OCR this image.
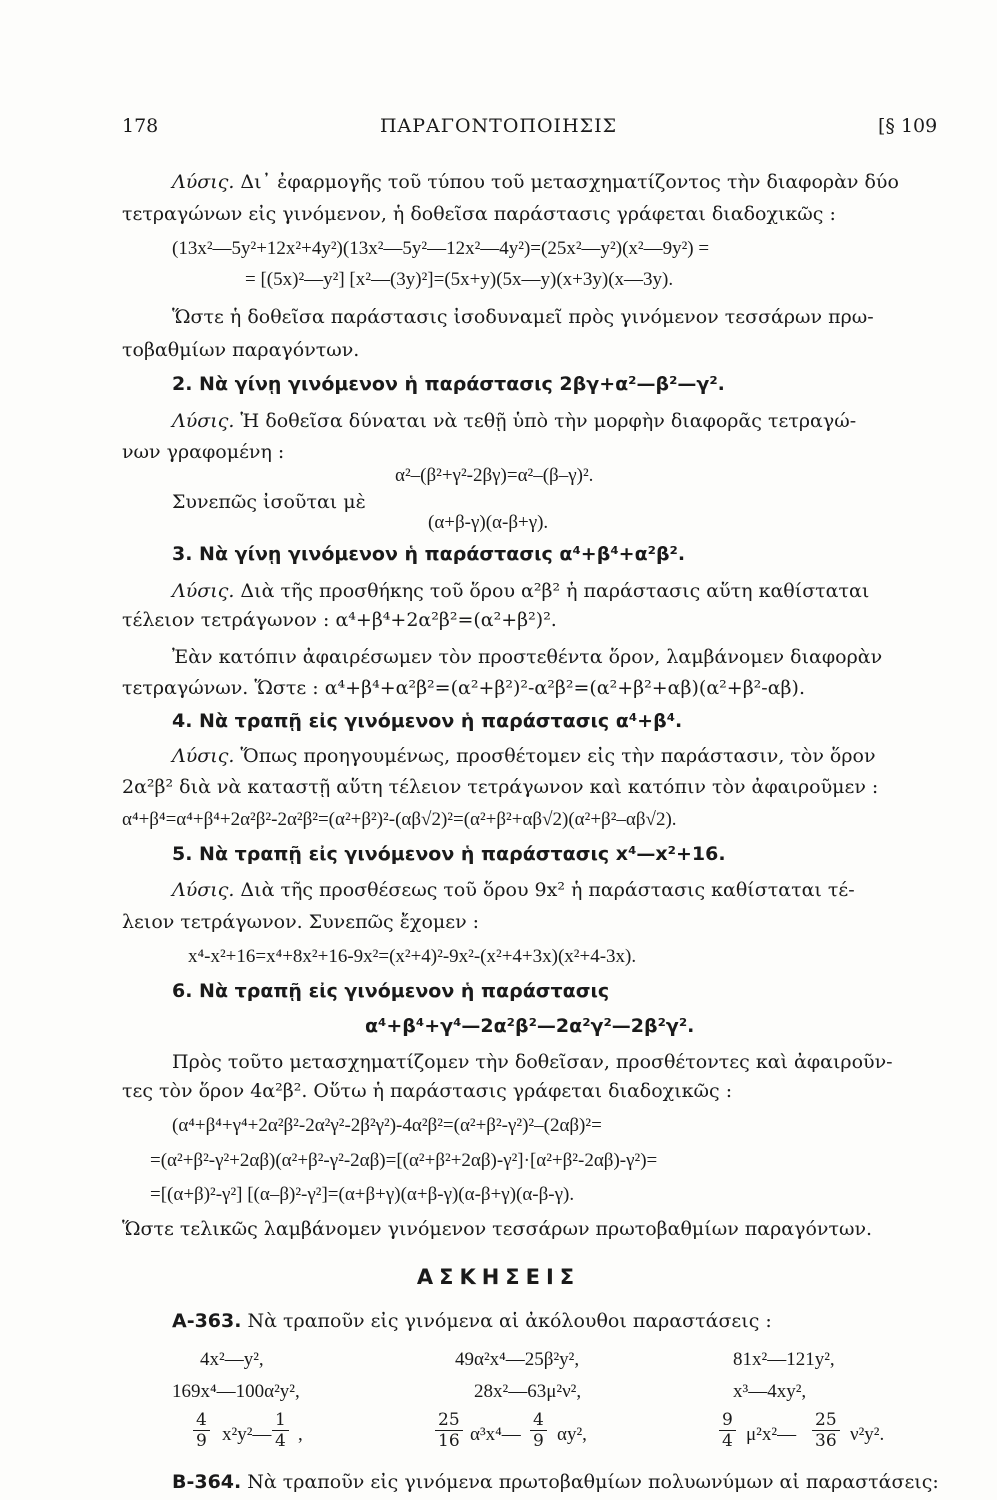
178	ΠΑΡΑΓΟΝΤΟΠΟΙΗΣΙΣ	[§ 109
Λύσις. Δι᾽ ἐφαρμογῆς τοῦ τύπου τοῦ μετασχηματίζοντος τὴν διαφορὰν δύο
τετραγώνων εἰς γινόμενον, ἡ δοθεῖσα παράστασις γράφεται διαδοχικῶς :
(13x²—5y²+12x²+4y²)(13x²—5y²—12x²—4y²)=(25x²—y²)(x²—9y²) =
= [(5x)²—y²] [x²—(3y)²]=(5x+y)(5x—y)(x+3y)(x—3y).
Ὥστε ἡ δοθεῖσα παράστασις ἰσοδυναμεῖ πρὸς γινόμενον τεσσάρων πρω-
τοβαθμίων παραγόντων.
2. Νὰ γίνῃ γινόμενον ἡ παράστασις 2βγ+α²—β²—γ².
Λύσις. Ἡ δοθεῖσα δύναται νὰ τεθῇ ὑπὸ τὴν μορφὴν διαφορᾶς τετραγώ-
νων γραφομένη :
α²–(β²+γ²-2βγ)=α²–(β–γ)².
Συνεπῶς ἰσοῦται μὲ
(α+β-γ)(α-β+γ).
3. Νὰ γίνῃ γινόμενον ἡ παράστασις α⁴+β⁴+α²β².
Λύσις. Διὰ τῆς προσθήκης τοῦ ὅρου α²β² ἡ παράστασις αὕτη καθίσταται
τέλειον τετράγωνον : α⁴+β⁴+2α²β²=(α²+β²)².
Ἐὰν κατόπιν ἀφαιρέσωμεν τὸν προστεθέντα ὅρον, λαμβάνομεν διαφορὰν
τετραγώνων. Ὥστε : α⁴+β⁴+α²β²=(α²+β²)²-α²β²=(α²+β²+αβ)(α²+β²-αβ).
4. Νὰ τραπῇ εἰς γινόμενον ἡ παράστασις α⁴+β⁴.
Λύσις. Ὅπως προηγουμένως, προσθέτομεν εἰς τὴν παράστασιν, τὸν ὅρον
2α²β² διὰ νὰ καταστῇ αὕτη τέλειον τετράγωνον καὶ κατόπιν τὸν ἀφαιροῦμεν :
α⁴+β⁴=α⁴+β⁴+2α²β²-2α²β²=(α²+β²)²-(αβ√2)²=(α²+β²+αβ√2)(α²+β²–αβ√2).
5. Νὰ τραπῇ εἰς γινόμενον ἡ παράστασις x⁴—x²+16.
Λύσις. Διὰ τῆς προσθέσεως τοῦ ὅρου 9x² ἡ παράστασις καθίσταται τέ-
λειον τετράγωνον. Συνεπῶς ἔχομεν :
x⁴-x²+16=x⁴+8x²+16-9x²=(x²+4)²-9x²-(x²+4+3x)(x²+4-3x).
6. Νὰ τραπῇ εἰς γινόμενον ἡ παράστασις
α⁴+β⁴+γ⁴—2α²β²—2α²γ²—2β²γ².
Πρὸς τοῦτο μετασχηματίζομεν τὴν δοθεῖσαν, προσθέτοντες καὶ ἀφαιροῦν-
τες τὸν ὅρον 4α²β². Οὕτω ἡ παράστασις γράφεται διαδοχικῶς :
(α⁴+β⁴+γ⁴+2α²β²-2α²γ²-2β²γ²)-4α²β²=(α²+β²-γ²)²–(2αβ)²=
=(α²+β²-γ²+2αβ)(α²+β²-γ²-2αβ)=[(α²+β²+2αβ)-γ²]·[α²+β²-2αβ)-γ²)=
=[(α+β)²-γ²] [(α–β)²-γ²]=(α+β+γ)(α+β-γ)(α-β+γ)(α-β-γ).
Ὥστε τελικῶς λαμβάνομεν γινόμενον τεσσάρων πρωτοβαθμίων παραγόντων.
ΑΣΚΗΣΕΙΣ
Α-363. Νὰ τραποῦν εἰς γινόμενα αἱ ἀκόλουθοι παραστάσεις :
4x²—y²,	49α²x⁴—25β²y²,	81x²—121y²,
169x⁴—100α²y²,	28x²—63μ²ν²,	x³—4xy²,
$\frac{4}{9}$ x²y²— $\frac{1}{4}$ ,	$\frac{25}{16}$ α³x⁴— $\frac{4}{9} \alpha y^2$,	$\frac{9}{4}$ μ²x²— $\frac{25}{36} \nu^2y^2$.
Β-364. Νὰ τραποῦν εἰς γινόμενα πρωτοβαθμίων πολυωνύμων αἱ παραστάσεις:
